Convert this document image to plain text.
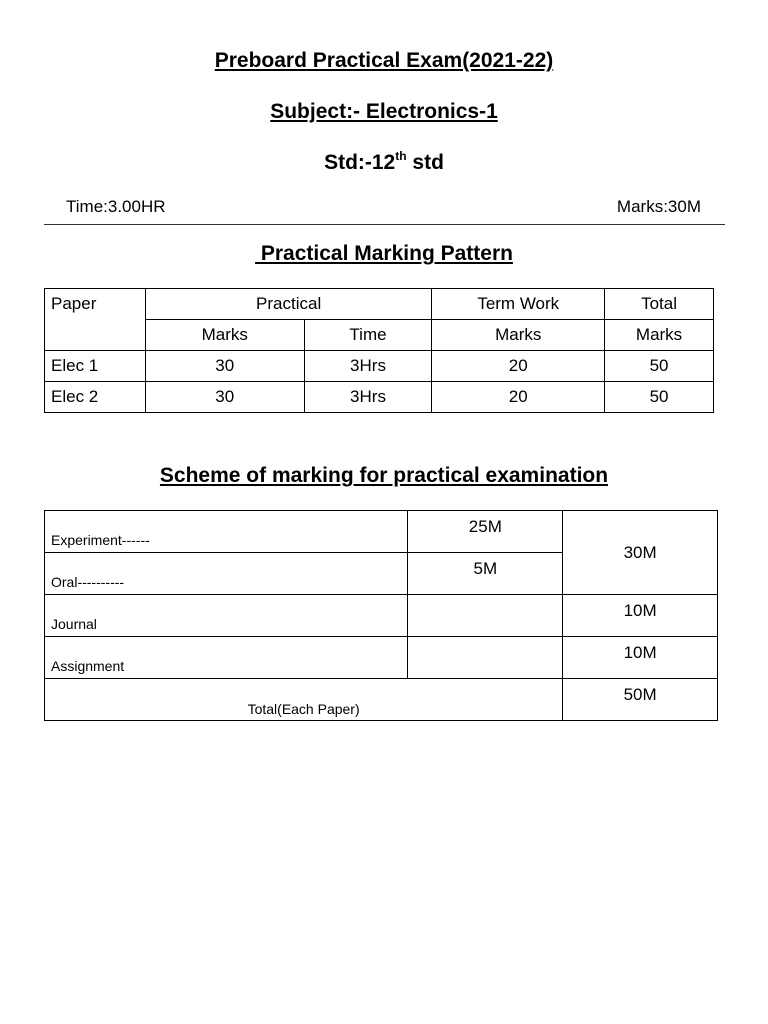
Preboard Practical Exam(2021-22)
Subject:- Electronics-1
Std:-12th std
Time:3.00HR	Marks:30M
Practical Marking Pattern
Paper	Practical		Term Work	Total
	Marks	Time	Marks	Marks
Elec 1	30	3Hrs	20	50
Elec 2	30	3Hrs	20	50
Scheme of marking for practical examination
Experiment------	25M	30M
Oral----------	5M	
Journal		10M
Assignment		10M
Total(Each Paper)		50M
